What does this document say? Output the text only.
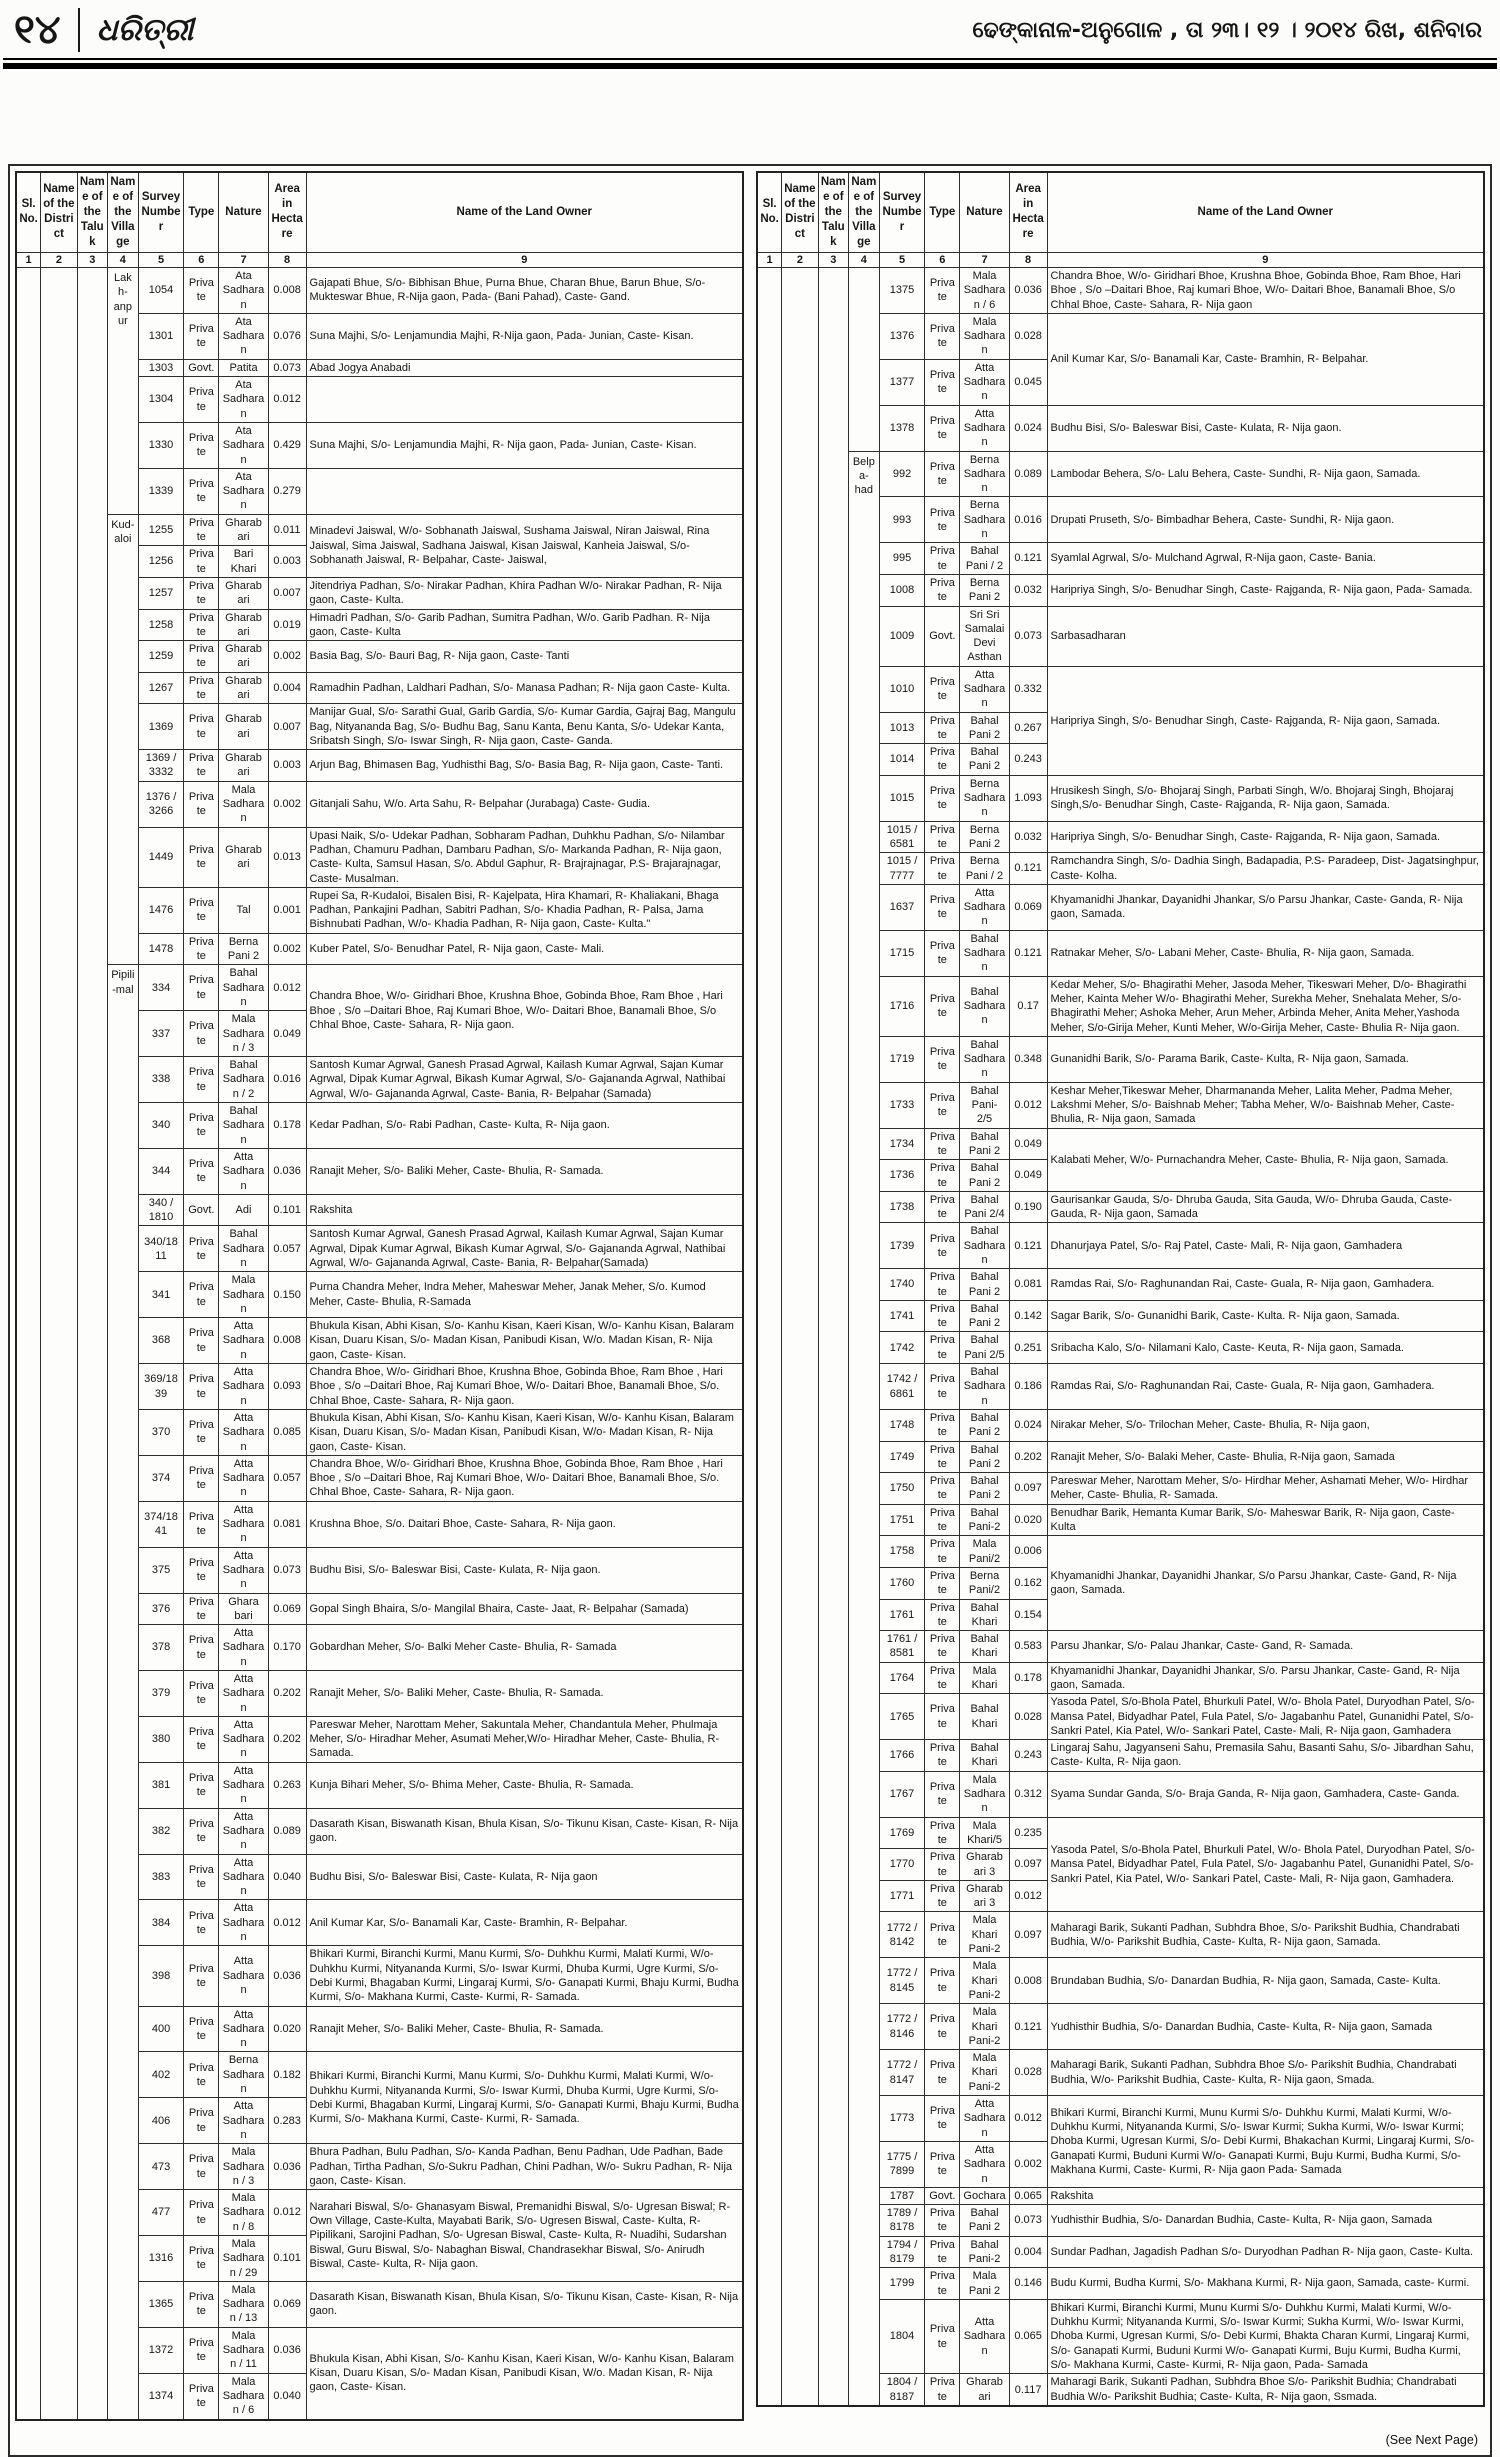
୧୪ ଧରିତ୍ରୀ	ଢେଙ୍କାନାଳ-ଅନୁଗୋଳ , ତା ୨୩। ୧୨ । ୨୦୧୪ ରିଖ, ଶନିବାର
Sl. No.	Name of the District	Name of the Taluk	Name of the Village	Survey Number	Type	Nature	Area in Hectare	Name of the Land Owner
1	2	3	4	5	6	7	8	9
			Lakh-anpur	1054	Private	Ata Sadharan	0.008	Gajapati Bhue, S/o- Bibhisan Bhue, Purna Bhue, Charan Bhue, Barun Bhue, S/o- Mukteswar Bhue, R-Nija gaon, Pada- (Bani Pahad), Caste- Gand.
				1301	Private	Ata Sadharan	0.076	Suna Majhi, S/o- Lenjamundia Majhi, R-Nija gaon, Pada- Junian, Caste- Kisan.
				1303	Govt.	Patita	0.073	Abad Jogya Anabadi
				1304	Private	Ata Sadharan	0.012	
				1330	Private	Ata Sadharan	0.429	Suna Majhi, S/o- Lenjamundia Majhi, R- Nija gaon, Pada- Junian, Caste- Kisan.
				1339	Private	Ata Sadharan	0.279	
			Kud-aloi	1255	Private	Gharabari	0.011	Minadevi Jaiswal, W/o- Sobhanath Jaiswal, Sushama Jaiswal, Niran Jaiswal, Rina Jaiswal, Sima Jaiswal, Sadhana Jaiswal, Kisan Jaiswal, Kanheia Jaiswal, S/o- Sobhanath Jaiswal, R- Belpahar, Caste- Jaiswal,
				1256	Private	Bari Khari	0.003	
				1257	Private	Gharabari	0.007	Jitendriya Padhan, S/o- Nirakar Padhan, Khira Padhan W/o- Nirakar Padhan, R- Nija gaon, Caste- Kulta.
				1258	Private	Gharabari	0.019	Himadri Padhan, S/o- Garib Padhan, Sumitra Padhan, W/o. Garib Padhan. R- Nija gaon, Caste- Kulta
				1259	Private	Gharabari	0.002	Basia Bag, S/o- Bauri Bag, R- Nija gaon, Caste- Tanti
				1267	Private	Gharabari	0.004	Ramadhin Padhan, Laldhari Padhan, S/o- Manasa Padhan; R- Nija gaon Caste- Kulta.
				1369	Private	Gharabari	0.007	Manijar Gual, S/o- Sarathi Gual, Garib Gardia, S/o- Kumar Gardia, Gajraj Bag, Mangulu Bag, Nityananda Bag, S/o- Budhu Bag, Sanu Kanta, Benu Kanta, S/o- Udekar Kanta, Sribatsh Singh, S/o- Iswar Singh, R- Nija gaon, Caste- Ganda.
				1369 / 3332	Private	Gharabari	0.003	Arjun Bag, Bhimasen Bag, Yudhisthi Bag, S/o- Basia Bag, R- Nija gaon, Caste- Tanti.
				1376 / 3266	Private	Mala Sadharan	0.002	Gitanjali Sahu, W/o. Arta Sahu, R- Belpahar (Jurabaga) Caste- Gudia.
				1449	Private	Gharabari	0.013	Upasi Naik, S/o- Udekar Padhan, Sobharam Padhan, Duhkhu Padhan, S/o- Nilambar Padhan, Chamuru Padhan, Dambaru Padhan, S/o- Markanda Padhan, R- Nija gaon, Caste- Kulta, Samsul Hasan, S/o. Abdul Gaphur, R- Brajrajnagar, P.S- Brajarajnagar, Caste- Musalman.
				1476	Private	Tal	0.001	Rupei Sa, R-Kudaloi, Bisalen Bisi, R- Kajelpata, Hira Khamari, R- Khaliakani, Bhaga Padhan, Pankajini Padhan, Sabitri Padhan, S/o- Khadia Padhan, R- Palsa, Jama Bishnubati Padhan, W/o- Khadia Padhan, R- Nija gaon, Caste- Kulta."
				1478	Private	Berna Pani 2	0.002	Kuber Patel, S/o- Benudhar Patel, R- Nija gaon, Caste- Mali.
			Pipili-mal	334	Private	Bahal Sadharan	0.012	Chandra Bhoe, W/o- Giridhari Bhoe, Krushna Bhoe, Gobinda Bhoe, Ram Bhoe , Hari Bhoe , S/o –Daitari Bhoe, Raj Kumari Bhoe, W/o- Daitari Bhoe, Banamali Bhoe, S/o Chhal Bhoe, Caste- Sahara, R- Nija gaon.
				337	Private	Mala Sadharan / 3	0.049	
				338	Private	Bahal Sadharan / 2	0.016	Santosh Kumar Agrwal, Ganesh Prasad Agrwal, Kailash Kumar Agrwal, Sajan Kumar Agrwal, Dipak Kumar Agrwal, Bikash Kumar Agrwal, S/o- Gajananda Agrwal, Nathibai Agrwal, W/o- Gajananda Agrwal, Caste- Bania, R- Belpahar (Samada)
				340	Private	Bahal Sadharan	0.178	Kedar Padhan, S/o- Rabi Padhan, Caste- Kulta, R- Nija gaon.
				344	Private	Atta Sadharan	0.036	Ranajit Meher, S/o- Baliki Meher, Caste- Bhulia, R- Samada.
				340 / 1810	Govt.	Adi	0.101	Rakshita
				340/1811	Private	Bahal Sadharan	0.057	Santosh Kumar Agrwal, Ganesh Prasad Agrwal, Kailash Kumar Agrwal, Sajan Kumar Agrwal, Dipak Kumar Agrwal, Bikash Kumar Agrwal, S/o- Gajananda Agrwal, Nathibai Agrwal, W/o- Gajananda Agrwal, Caste- Bania, R- Belpahar(Samada)
				341	Private	Mala Sadharan	0.150	Purna Chandra Meher, Indra Meher, Maheswar Meher, Janak Meher, S/o. Kumod Meher, Caste- Bhulia, R-Samada
				368	Private	Atta Sadharan	0.008	Bhukula Kisan, Abhi Kisan, S/o- Kanhu Kisan, Kaeri Kisan, W/o- Kanhu Kisan, Balaram Kisan, Duaru Kisan, S/o- Madan Kisan, Panibudi Kisan, W/o. Madan Kisan, R- Nija gaon, Caste- Kisan.
				369/1839	Private	Atta Sadharan	0.093	Chandra Bhoe, W/o- Giridhari Bhoe, Krushna Bhoe, Gobinda Bhoe, Ram Bhoe , Hari Bhoe , S/o –Daitari Bhoe, Raj Kumari Bhoe, W/o- Daitari Bhoe, Banamali Bhoe, S/o. Chhal Bhoe, Caste- Sahara, R- Nija gaon.
				370	Private	Atta Sadharan	0.085	Bhukula Kisan, Abhi Kisan, S/o- Kanhu Kisan, Kaeri Kisan, W/o- Kanhu Kisan, Balaram Kisan, Duaru Kisan, S/o- Madan Kisan, Panibudi Kisan, W/o- Madan Kisan, R- Nija gaon, Caste- Kisan.
				374	Private	Atta Sadharan	0.057	Chandra Bhoe, W/o- Giridhari Bhoe, Krushna Bhoe, Gobinda Bhoe, Ram Bhoe , Hari Bhoe , S/o –Daitari Bhoe, Raj Kumari Bhoe, W/o- Daitari Bhoe, Banamali Bhoe, S/o. Chhal Bhoe, Caste- Sahara, R- Nija gaon.
				374/1841	Private	Atta Sadharan	0.081	Krushna Bhoe, S/o. Daitari Bhoe, Caste- Sahara, R- Nija gaon.
				375	Private	Atta Sadharan	0.073	Budhu Bisi, S/o- Baleswar Bisi, Caste- Kulata, R- Nija gaon.
				376	Private	Ghara bari	0.069	Gopal Singh Bhaira, S/o- Mangilal Bhaira, Caste- Jaat, R- Belpahar (Samada)
				378	Private	Atta Sadharan	0.170	Gobardhan Meher, S/o- Balki Meher Caste- Bhulia, R- Samada
				379	Private	Atta Sadharan	0.202	Ranajit Meher, S/o- Baliki Meher, Caste- Bhulia, R- Samada.
				380	Private	Atta Sadharan	0.202	Pareswar Meher, Narottam Meher, Sakuntala Meher, Chandantula Meher, Phulmaja Meher, S/o- Hiradhar Meher, Asumati Meher,W/o- Hiradhar Meher, Caste- Bhulia, R- Samada.
				381	Private	Atta Sadharan	0.263	Kunja Bihari Meher, S/o- Bhima Meher, Caste- Bhulia, R- Samada.
				382	Private	Atta Sadharan	0.089	Dasarath Kisan, Biswanath Kisan, Bhula Kisan, S/o- Tikunu Kisan, Caste- Kisan, R- Nija gaon.
				383	Private	Atta Sadharan	0.040	Budhu Bisi, S/o- Baleswar Bisi, Caste- Kulata, R- Nija gaon
				384	Private	Atta Sadharan	0.012	Anil Kumar Kar, S/o- Banamali Kar, Caste- Bramhin, R- Belpahar.
				398	Private	Atta Sadharan	0.036	Bhikari Kurmi, Biranchi Kurmi, Manu Kurmi, S/o- Duhkhu Kurmi, Malati Kurmi, W/o- Duhkhu Kurmi, Nityananda Kurmi, S/o- Iswar Kurmi, Dhuba Kurmi, Ugre Kurmi, S/o- Debi Kurmi, Bhagaban Kurmi, Lingaraj Kurmi, S/o- Ganapati Kurmi, Bhaju Kurmi, Budha Kurmi, S/o- Makhana Kurmi, Caste- Kurmi, R- Samada.
				400	Private	Atta Sadharan	0.020	Ranajit Meher, S/o- Baliki Meher, Caste- Bhulia, R- Samada.
				402	Private	Berna Sadharan	0.182	Bhikari Kurmi, Biranchi Kurmi, Manu Kurmi, S/o- Duhkhu Kurmi, Malati Kurmi, W/o- Duhkhu Kurmi, Nityananda Kurmi, S/o- Iswar Kurmi, Dhuba Kurmi, Ugre Kurmi, S/o- Debi Kurmi, Bhagaban Kurmi, Lingaraj Kurmi, S/o- Ganapati Kurmi, Bhaju Kurmi, Budha Kurmi, S/o- Makhana Kurmi, Caste- Kurmi, R- Samada.
				406	Private	Atta Sadharan	0.283	
				473	Private	Mala Sadharan / 3	0.036	Bhura Padhan, Bulu Padhan, S/o- Kanda Padhan, Benu Padhan, Ude Padhan, Bade Padhan, Tirtha Padhan, S/o-Sukru Padhan, Chini Padhan, W/o- Sukru Padhan, R- Nija gaon, Caste- Kisan.
				477	Private	Mala Sadharan / 8	0.012	Narahari Biswal, S/o- Ghanasyam Biswal, Premanidhi Biswal, S/o- Ugresan Biswal; R-Own Village, Caste-Kulta, Mayabati Barik, S/o- Ugresen Biswal, Caste- Kulta, R- Pipilikani, Sarojini Padhan, S/o- Ugresan Biswal, Caste- Kulta, R- Nuadihi, Sudarshan Biswal, Guru Biswal, S/o- Nabaghan Biswal, Chandrasekhar Biswal, S/o- Anirudh Biswal, Caste- Kulta, R- Nija gaon.
				1316	Private	Mala Sadharan / 29	0.101	
				1365	Private	Mala Sadharan / 13	0.069	Dasarath Kisan, Biswanath Kisan, Bhula Kisan, S/o- Tikunu Kisan, Caste- Kisan, R- Nija gaon.
				1372	Private	Mala Sadharan / 11	0.036	Bhukula Kisan, Abhi Kisan, S/o- Kanhu Kisan, Kaeri Kisan, W/o- Kanhu Kisan, Balaram Kisan, Duaru Kisan, S/o- Madan Kisan, Panibudi Kisan, W/o. Madan Kisan, R- Nija gaon, Caste- Kisan.
				1374	Private	Mala Sadharan / 6	0.040	
Sl. No.	Name of the District	Name of the Taluk	Name of the Village	Survey Number	Type	Nature	Area in Hectare	Name of the Land Owner
1	2	3	4	5	6	7	8	9
				1375	Private	Mala Sadharan / 6	0.036	Chandra Bhoe, W/o- Giridhari Bhoe, Krushna Bhoe, Gobinda Bhoe, Ram Bhoe, Hari Bhoe , S/o –Daitari Bhoe, Raj kumari Bhoe, W/o- Daitari Bhoe, Banamali Bhoe, S/o Chhal Bhoe, Caste- Sahara, R- Nija gaon
				1376	Private	Mala Sadharan	0.028	Anil Kumar Kar, S/o- Banamali Kar, Caste- Bramhin, R- Belpahar.
				1377	Private	Atta Sadharan	0.045	
				1378	Private	Atta Sadharan	0.024	Budhu Bisi, S/o- Baleswar Bisi, Caste- Kulata, R- Nija gaon.
			Belpa-had	992	Private	Berna Sadharan	0.089	Lambodar Behera, S/o- Lalu Behera, Caste- Sundhi, R- Nija gaon, Samada.
				993	Private	Berna Sadharan	0.016	Drupati Pruseth, S/o- Bimbadhar Behera, Caste- Sundhi, R- Nija gaon.
				995	Private	Bahal Pani / 2	0.121	Syamlal Agrwal, S/o- Mulchand Agrwal, R-Nija gaon, Caste- Bania.
				1008	Private	Berna Pani 2	0.032	Haripriya Singh, S/o- Benudhar Singh, Caste- Rajganda, R- Nija gaon, Pada- Samada.
				1009	Govt.	Sri Sri Samalai Devi Asthan	0.073	Sarbasadharan
				1010	Private	Atta Sadharan	0.332	Haripriya Singh, S/o- Benudhar Singh, Caste- Rajganda, R- Nija gaon, Samada.
				1013	Private	Bahal Pani 2	0.267	
				1014	Private	Bahal Pani 2	0.243	
				1015	Private	Berna Sadharan	1.093	Hrusikesh Singh, S/o- Bhojaraj Singh, Parbati Singh, W/o. Bhojaraj Singh, Bhojaraj Singh,S/o- Benudhar Singh, Caste- Rajganda, R- Nija gaon, Samada.
				1015 / 6581	Private	Berna Pani 2	0.032	Haripriya Singh, S/o- Benudhar Singh, Caste- Rajganda, R- Nija gaon, Samada.
				1015 / 7777	Private	Berna Pani / 2	0.121	Ramchandra Singh, S/o- Dadhia Singh, Badapadia, P.S- Paradeep, Dist- Jagatsinghpur, Caste- Kolha.
				1637	Private	Atta Sadharan	0.069	Khyamanidhi Jhankar, Dayanidhi Jhankar, S/o Parsu Jhankar, Caste- Ganda, R- Nija gaon, Samada.
				1715	Private	Bahal Sadharan	0.121	Ratnakar Meher, S/o- Labani Meher, Caste- Bhulia, R- Nija gaon, Samada.
				1716	Private	Bahal Sadharan	0.17	Kedar Meher, S/o- Bhagirathi Meher, Jasoda Meher, Tikeswari Meher, D/o- Bhagirathi Meher, Kainta Meher W/o- Bhagirathi Meher, Surekha Meher, Snehalata Meher, S/o- Bhagirathi Meher; Ashoka Meher, Arun Meher, Arbinda Meher, Anita Meher,Yashoda Meher, S/o-Girija Meher, Kunti Meher, W/o-Girija Meher, Caste- Bhulia R- Nija gaon.
				1719	Private	Bahal Sadharan	0.348	Gunanidhi Barik, S/o- Parama Barik, Caste- Kulta, R- Nija gaon, Samada.
				1733	Private	Bahal Pani- 2/5	0.012	Keshar Meher,Tikeswar Meher, Dharmananda Meher, Lalita Meher, Padma Meher, Lakshmi Meher, S/o- Baishnab Meher; Tabha Meher, W/o- Baishnab Meher, Caste- Bhulia, R- Nija gaon, Samada
				1734	Private	Bahal Pani 2	0.049	Kalabati Meher, W/o- Purnachandra Meher, Caste- Bhulia, R- Nija gaon, Samada.
				1736	Private	Bahal Pani 2	0.049	
				1738	Private	Bahal Pani 2/4	0.190	Gaurisankar Gauda, S/o- Dhruba Gauda, Sita Gauda, W/o- Dhruba Gauda, Caste- Gauda, R- Nija gaon, Samada
				1739	Private	Bahal Sadharan	0.121	Dhanurjaya Patel, S/o- Raj Patel, Caste- Mali, R- Nija gaon, Gamhadera
				1740	Private	Bahal Pani 2	0.081	Ramdas Rai, S/o- Raghunandan Rai, Caste- Guala, R- Nija gaon, Gamhadera.
				1741	Private	Bahal Pani 2	0.142	Sagar Barik, S/o- Gunanidhi Barik, Caste- Kulta. R- Nija gaon, Samada.
				1742	Private	Bahal Pani 2/5	0.251	Sribacha Kalo, S/o- Nilamani Kalo, Caste- Keuta, R- Nija gaon, Samada.
				1742 / 6861	Private	Bahal Sadharan	0.186	Ramdas Rai, S/o- Raghunandan Rai, Caste- Guala, R- Nija gaon, Gamhadera.
				1748	Private	Bahal Pani 2	0.024	Nirakar Meher, S/o- Trilochan Meher, Caste- Bhulia, R- Nija gaon,
				1749	Private	Bahal Pani 2	0.202	Ranajit Meher, S/o- Balaki Meher, Caste- Bhulia, R-Nija gaon, Samada
				1750	Private	Bahal Pani 2	0.097	Pareswar Meher, Narottam Meher, S/o- Hirdhar Meher, Ashamati Meher, W/o- Hirdhar Meher, Caste- Bhulia, R- Samada.
				1751	Private	Bahal Pani-2	0.020	Benudhar Barik, Hemanta Kumar Barik, S/o- Maheswar Barik, R- Nija gaon, Caste- Kulta
				1758	Private	Mala Pani/2	0.006	Khyamanidhi Jhankar, Dayanidhi Jhankar, S/o Parsu Jhankar, Caste- Gand, R- Nija gaon, Samada.
				1760	Private	Berna Pani/2	0.162	
				1761	Private	Bahal Khari	0.154	
				1761 / 8581	Private	Bahal Khari	0.583	Parsu Jhankar, S/o- Palau Jhankar, Caste- Gand, R- Samada.
				1764	Private	Mala Khari	0.178	Khyamanidhi Jhankar, Dayanidhi Jhankar, S/o. Parsu Jhankar, Caste- Gand, R- Nija gaon, Samada.
				1765	Private	Bahal Khari	0.028	Yasoda Patel, S/o-Bhola Patel, Bhurkuli Patel, W/o- Bhola Patel, Duryodhan Patel, S/o- Mansa Patel, Bidyadhar Patel, Fula Patel, S/o- Jagabanhu Patel, Gunanidhi Patel, S/o- Sankri Patel, Kia Patel, W/o- Sankari Patel, Caste- Mali, R- Nija gaon, Gamhadera
				1766	Private	Bahal Khari	0.243	Lingaraj Sahu, Jagyanseni Sahu, Premasila Sahu, Basanti Sahu, S/o- Jibardhan Sahu, Caste- Kulta, R- Nija gaon.
				1767	Private	Mala Sadharan	0.312	Syama Sundar Ganda, S/o- Braja Ganda, R- Nija gaon, Gamhadera, Caste- Ganda.
				1769	Private	Mala Khari/5	0.235	Yasoda Patel, S/o-Bhola Patel, Bhurkuli Patel, W/o- Bhola Patel, Duryodhan Patel, S/o- Mansa Patel, Bidyadhar Patel, Fula Patel, S/o- Jagabanhu Patel, Gunanidhi Patel, S/o- Sankri Patel, Kia Patel, W/o- Sankari Patel, Caste- Mali, R- Nija gaon, Gamhadera.
				1770	Private	Gharabari 3	0.097	
				1771	Private	Gharabari 3	0.012	
				1772 / 8142	Private	Mala Khari Pani-2	0.097	Maharagi Barik, Sukanti Padhan, Subhdra Bhoe, S/o- Parikshit Budhia, Chandrabati Budhia, W/o- Parikshit Budhia, Caste- Kulta, R- Nija gaon, Samada.
				1772 / 8145	Private	Mala Khari Pani-2	0.008	Brundaban Budhia, S/o- Danardan Budhia, R- Nija gaon, Samada, Caste- Kulta.
				1772 / 8146	Private	Mala Khari Pani-2	0.121	Yudhisthir Budhia, S/o- Danardan Budhia, Caste- Kulta, R- Nija gaon, Samada
				1772 / 8147	Private	Mala Khari Pani-2	0.028	Maharagi Barik, Sukanti Padhan, Subhdra Bhoe S/o- Parikshit Budhia, Chandrabati Budhia, W/o- Parikshit Budhia, Caste- Kulta, R- Nija gaon, Smada.
				1773	Private	Atta Sadharan	0.012	Bhikari Kurmi, Biranchi Kurmi, Munu Kurmi S/o- Duhkhu Kurmi, Malati Kurmi, W/o- Duhkhu Kurmi, Nityananda Kurmi, S/o- Iswar Kurmi; Sukha Kurmi, W/o- Iswar Kurmi; Dhoba Kurmi, Ugresan Kurmi, S/o- Debi Kurmi, Bhakachan Kurmi, Lingaraj Kurmi, S/o- Ganapati Kurmi, Buduni Kurmi W/o- Ganapati Kurmi, Buju Kurmi, Budha Kurmi, S/o- Makhana Kurmi, Caste- Kurmi, R- Nija gaon Pada- Samada
				1775 / 7899	Private	Atta Sadharan	0.002	
				1787	Govt.	Gochara	0.065	Rakshita
				1789 / 8178	Private	Bahal Pani 2	0.073	Yudhisthir Budhia, S/o- Danardan Budhia, Caste- Kulta, R- Nija gaon, Samada
				1794 / 8179	Private	Bahal Pani-2	0.004	Sundar Padhan, Jagadish Padhan S/o- Duryodhan Padhan R- Nija gaon, Caste- Kulta.
				1799	Private	Mala Pani 2	0.146	Budu Kurmi, Budha Kurmi, S/o- Makhana Kurmi, R- Nija gaon, Samada, caste- Kurmi.
				1804	Private	Atta Sadharan	0.065	Bhikari Kurmi, Biranchi Kurmi, Munu Kurmi S/o- Duhkhu Kurmi, Malati Kurmi, W/o- Duhkhu Kurmi; Nityananda Kurmi, S/o- Iswar Kurmi; Sukha Kurmi, W/o- Iswar Kurmi, Dhoba Kurmi, Ugresan Kurmi, S/o- Debi Kurmi, Bhakta Charan Kurmi, Lingaraj Kurmi, S/o- Ganapati Kurmi, Buduni Kurmi W/o- Ganapati Kurmi, Buju Kurmi, Budha Kurmi, S/o- Makhana Kurmi, Caste- Kurmi, R- Nija gaon, Pada- Samada
				1804 / 8187	Private	Gharabari	0.117	Maharagi Barik, Sukanti Padhan, Subhdra Bhoe S/o- Parikshit Budhia; Chandrabati Budhia W/o- Parikshit Budhia; Caste- Kulta, R- Nija gaon, Ssmada.
(See Next Page)
